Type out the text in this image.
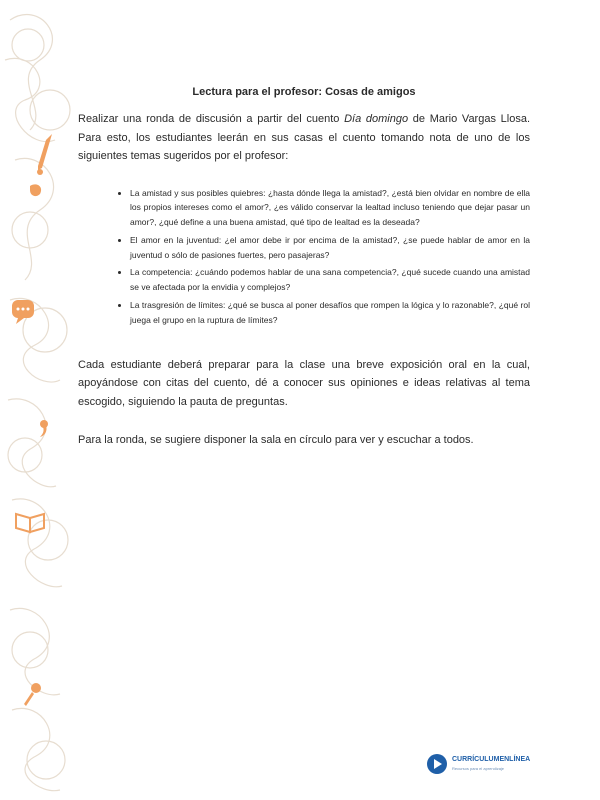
Lectura para el profesor: Cosas de amigos

Realizar una ronda de discusión a partir del cuento Día domingo de Mario Vargas Llosa. Para esto, los estudiantes leerán en sus casas el cuento tomando nota de uno de los siguientes temas sugeridos por el profesor:

• La amistad y sus posibles quiebres: ¿hasta dónde llega la amistad?, ¿está bien olvidar en nombre de ella los propios intereses como el amor?, ¿es válido conservar la lealtad incluso teniendo que dejar pasar un amor?, ¿qué define a una buena amistad, qué tipo de lealtad es la deseada?
• El amor en la juventud: ¿el amor debe ir por encima de la amistad?, ¿se puede hablar de amor en la juventud o sólo de pasiones fuertes, pero pasajeras?
• La competencia: ¿cuándo podemos hablar de una sana competencia?, ¿qué sucede cuando una amistad se ve afectada por la envidia y complejos?
• La trasgresión de límites: ¿qué se busca al poner desafíos que rompen la lógica y lo razonable?, ¿qué rol juega el grupo en la ruptura de límites?

Cada estudiante deberá preparar para la clase una breve exposición oral en la cual, apoyándose con citas del cuento, dé a conocer sus opiniones e ideas relativas al tema escogido, siguiendo la pauta de preguntas.

Para la ronda, se sugiere disponer la sala en círculo para ver y escuchar a todos.

CURRÍCULUMENLÍNEA
Recursos para el aprendizaje
